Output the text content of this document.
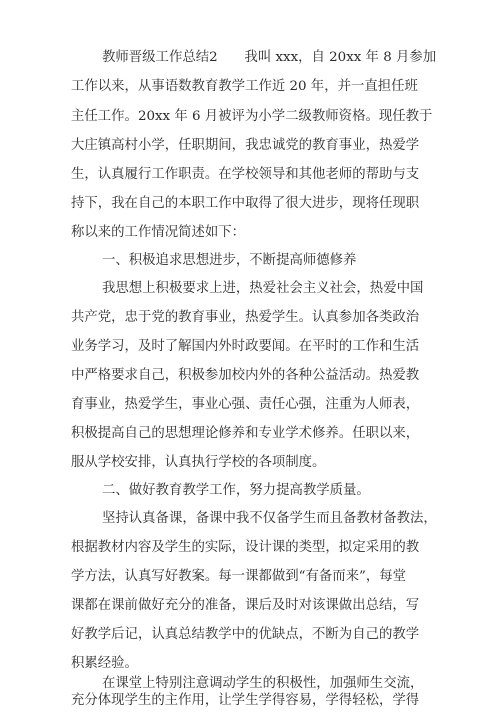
教师晋级工作总结2　　我叫 xxx，自 20xx 年 8 月参加
工作以来，从事语数教育教学工作近 20 年，并一直担任班
主任工作。20xx 年 6 月被评为小学二级教师资格。现任教于
大庄镇高村小学，任职期间，我忠诚党的教育事业，热爱学
生，认真履行工作职责。在学校领导和其他老师的帮助与支
持下，我在自己的本职工作中取得了很大进步，现将任现职
称以来的工作情况简述如下：
一、积极追求思想进步，不断提高师德修养
我思想上积极要求上进，热爱社会主义社会，热爱中国
共产党，忠于党的教育事业，热爱学生。认真参加各类政治
业务学习，及时了解国内外时政要闻。在平时的工作和生活
中严格要求自己，积极参加校内外的各种公益活动。热爱教
育事业，热爱学生，事业心强、责任心强，注重为人师表，
积极提高自己的思想理论修养和专业学术修养。任职以来，
服从学校安排，认真执行学校的各项制度。
二、做好教育教学工作，努力提高教学质量。
坚持认真备课，备课中我不仅备学生而且备教材备教法，
根据教材内容及学生的实际，设计课的类型，拟定采用的教
学方法，认真写好教案。每一课都做到“有备而来”，每堂
课都在课前做好充分的准备，课后及时对该课做出总结，写
好教学后记，认真总结教学中的优缺点，不断为自己的教学
积累经验。
在课堂上特别注意调动学生的积极性，加强师生交流，
充分体现学生的主作用，让学生学得容易，学得轻松，学得
